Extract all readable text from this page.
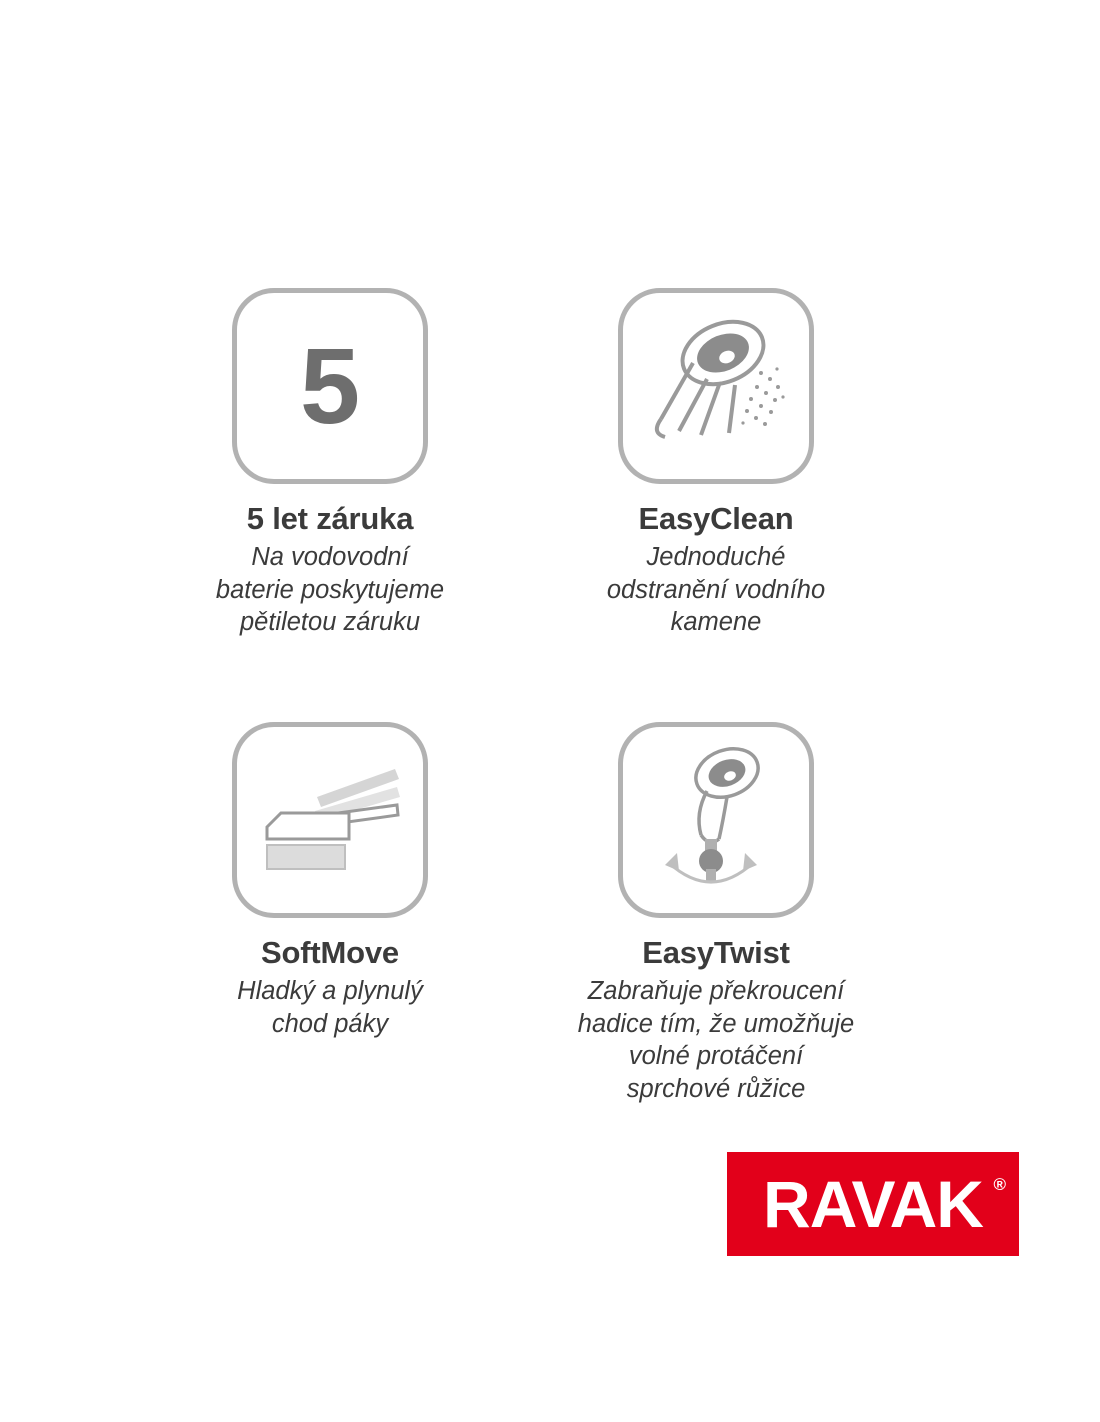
5
5 let záruka
Na vodovodní
baterie poskytujeme
pětiletou záruku
EasyClean
Jednoduché
odstranění vodního
kamene
SoftMove
Hladký a plynulý
chod páky
EasyTwist
Zabraňuje překroucení
hadice tím, že umožňuje
volné protáčení
sprchové růžice
RAVAK ®
